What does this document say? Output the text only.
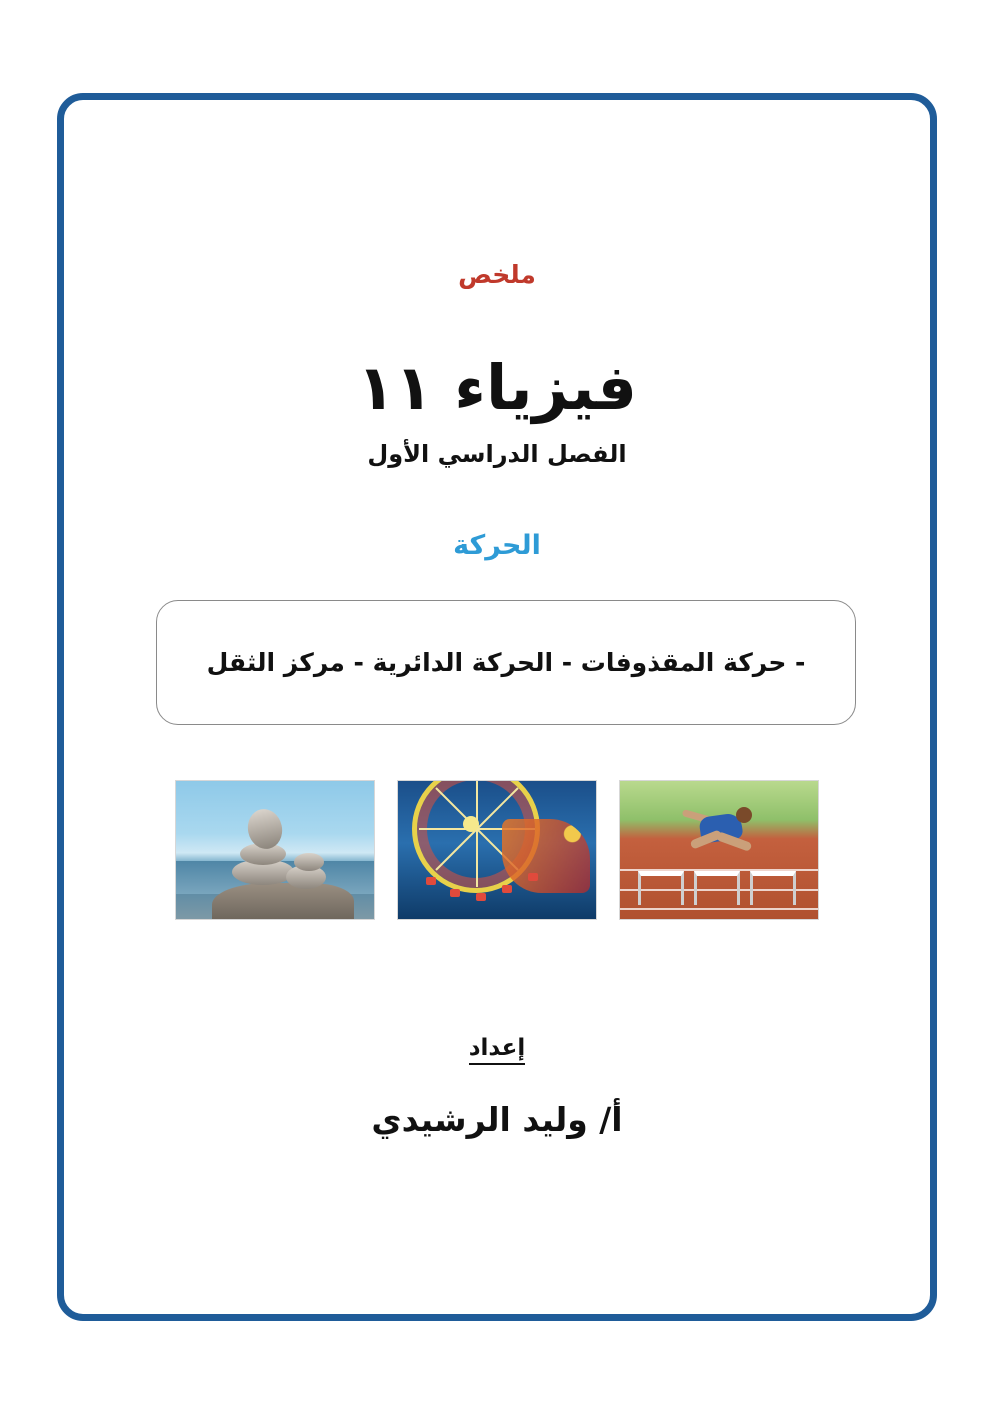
ملخص
فيزياء ١١
الفصل الدراسي الأول
الحركة
- حركة المقذوفات - الحركة الدائرية - مركز الثقل
إعداد
أ/ وليد الرشيدي
